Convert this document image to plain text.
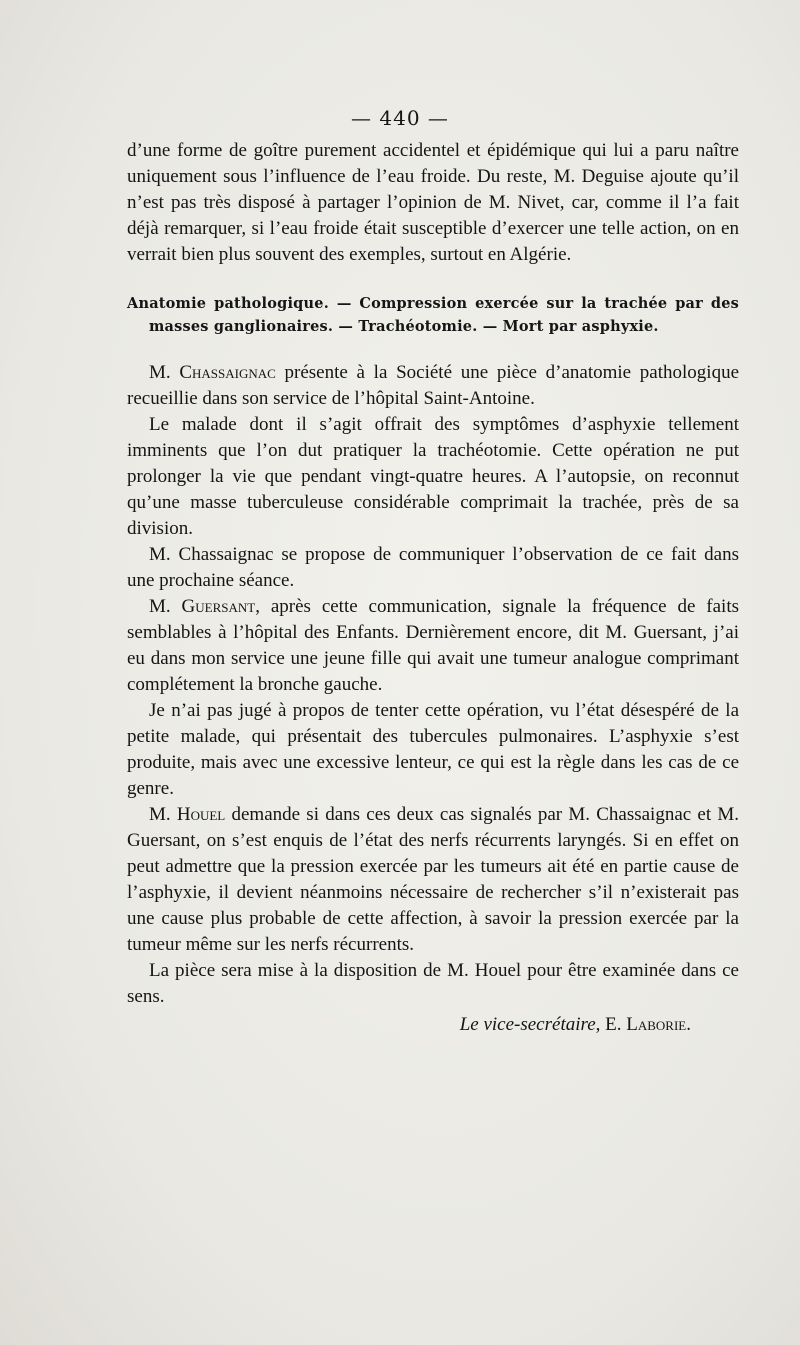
— 440 —

d’une forme de goître purement accidentel et épidémique qui lui a paru naître uniquement sous l’influence de l’eau froide. Du reste, M. Deguise ajoute qu’il n’est pas très disposé à partager l’opinion de M. Nivet, car, comme il l’a fait déjà remarquer, si l’eau froide était susceptible d’exercer une telle action, on en verrait bien plus souvent des exemples, surtout en Algérie.

Anatomie pathologique. — Compression exercée sur la trachée par des masses ganglionaires. — Trachéotomie. — Mort par asphyxie.

M. Chassaignac présente à la Société une pièce d’anatomie pathologique recueillie dans son service de l’hôpital Saint-Antoine.

Le malade dont il s’agit offrait des symptômes d’asphyxie tellement imminents que l’on dut pratiquer la trachéotomie. Cette opération ne put prolonger la vie que pendant vingt-quatre heures. A l’autopsie, on reconnut qu’une masse tuberculeuse considérable comprimait la trachée, près de sa division.

M. Chassaignac se propose de communiquer l’observation de ce fait dans une prochaine séance.

M. Guersant, après cette communication, signale la fréquence de faits semblables à l’hôpital des Enfants. Dernièrement encore, dit M. Guersant, j’ai eu dans mon service une jeune fille qui avait une tumeur analogue comprimant complétement la bronche gauche.

Je n’ai pas jugé à propos de tenter cette opération, vu l’état désespéré de la petite malade, qui présentait des tubercules pulmonaires. L’asphyxie s’est produite, mais avec une excessive lenteur, ce qui est la règle dans les cas de ce genre.

M. Houel demande si dans ces deux cas signalés par M. Chassaignac et M. Guersant, on s’est enquis de l’état des nerfs récurrents laryngés. Si en effet on peut admettre que la pression exercée par les tumeurs ait été en partie cause de l’asphyxie, il devient néanmoins nécessaire de rechercher s’il n’existerait pas une cause plus probable de cette affection, à savoir la pression exercée par la tumeur même sur les nerfs récurrents.

La pièce sera mise à la disposition de M. Houel pour être examinée dans ce sens.

Le vice-secrétaire, E. Laborie.
